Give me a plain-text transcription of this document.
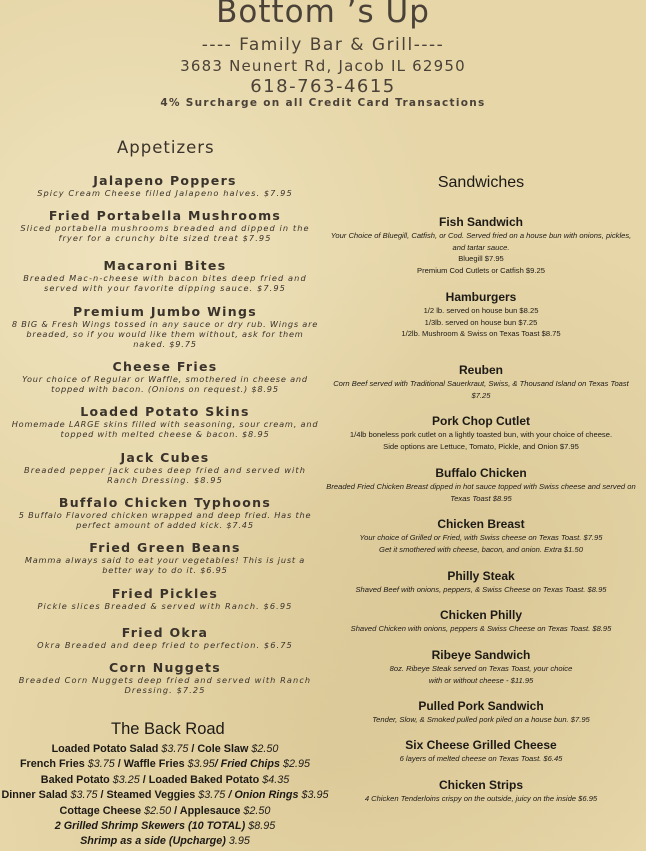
Bottom ’s Up
---- Family Bar & Grill----
3683 Neunert Rd, Jacob IL 62950
618-763-4615
4% Surcharge on all Credit Card Transactions
Appetizers
Jalapeno Poppers
Spicy Cream Cheese filled Jalapeno halves. $7.95
Fried Portabella Mushrooms
Sliced portabella mushrooms breaded and dipped in the fryer for a crunchy bite sized treat $7.95
Macaroni Bites
Breaded Mac-n-cheese with bacon bites deep fried and served with your favorite dipping sauce. $7.95
Premium Jumbo Wings
8 BIG & Fresh Wings tossed in any sauce or dry rub. Wings are breaded, so if you would like them without, ask for them naked. $9.75
Cheese Fries
Your choice of Regular or Waffle, smothered in cheese and topped with bacon. (Onions on request.) $8.95
Loaded Potato Skins
Homemade LARGE skins filled with seasoning, sour cream, and topped with melted cheese & bacon. $8.95
Jack Cubes
Breaded pepper jack cubes deep fried and served with Ranch Dressing. $8.95
Buffalo Chicken Typhoons
5 Buffalo Flavored chicken wrapped and deep fried. Has the perfect amount of added kick. $7.45
Fried Green Beans
Mamma always said to eat your vegetables! This is just a better way to do it. $6.95
Fried Pickles
Pickle slices Breaded & served with Ranch. $6.95
Fried Okra
Okra Breaded and deep fried to perfection. $6.75
Corn Nuggets
Breaded Corn Nuggets deep fried and served with Ranch Dressing. $7.25
The Back Road
Loaded Potato Salad $3.75 / Cole Slaw $2.50
French Fries $3.75 / Waffle Fries $3.95/ Fried Chips $2.95
Baked Potato $3.25 / Loaded Baked Potato $4.35
Dinner Salad $3.75 / Steamed Veggies $3.75 / Onion Rings $3.95
Cottage Cheese $2.50 / Applesauce $2.50
2 Grilled Shrimp Skewers (10 TOTAL) $8.95
Shrimp as a side (Upcharge) 3.95
Sandwiches
Fish Sandwich
Your Choice of Bluegill, Catfish, or Cod. Served fried on a house bun with onions, pickles, and tartar sauce.
Bluegill $7.95
Premium Cod Cutlets or Catfish $9.25
Hamburgers
1/2 lb. served on house bun $8.25
1/3lb. served on house bun $7.25
1/2lb. Mushroom & Swiss on Texas Toast $8.75
Reuben
Corn Beef served with Traditional Sauerkraut, Swiss, & Thousand Island on Texas Toast $7.25
Pork Chop Cutlet
1/4lb boneless pork cutlet on a lightly toasted bun, with your choice of cheese.
Side options are Lettuce, Tomato, Pickle, and Onion $7.95
Buffalo Chicken
Breaded Fried Chicken Breast dipped in hot sauce topped with Swiss cheese and served on Texas Toast $8.95
Chicken Breast
Your choice of Grilled or Fried, with Swiss cheese on Texas Toast. $7.95
Get it smothered with cheese, bacon, and onion. Extra $1.50
Philly Steak
Shaved Beef with onions, peppers, & Swiss Cheese on Texas Toast. $8.95
Chicken Philly
Shaved Chicken with onions, peppers & Swiss Cheese on Texas Toast. $8.95
Ribeye Sandwich
8oz. Ribeye Steak served on Texas Toast, your choice
with or without cheese - $11.95
Pulled Pork Sandwich
Tender, Slow, & Smoked pulled pork piled on a house bun. $7.95
Six Cheese Grilled Cheese
6 layers of melted cheese on Texas Toast. $6.45
Chicken Strips
4 Chicken Tenderloins crispy on the outside, juicy on the inside $6.95
